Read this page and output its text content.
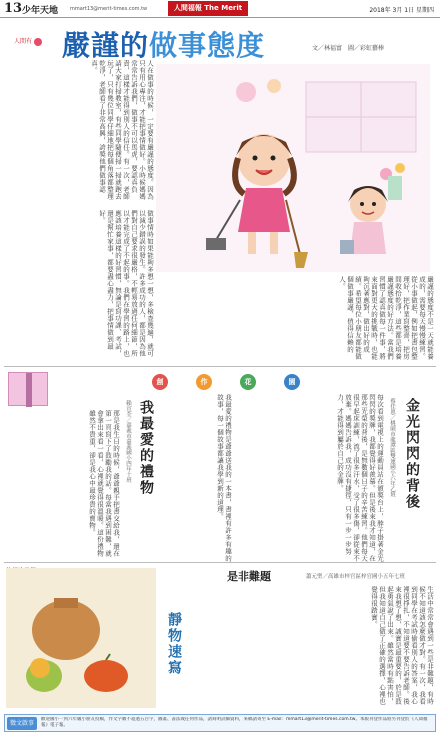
13 少年天地 mmart13@merit-times.com.tw	人間福報 The Merit Times
2018年 3月 1日 星期四
人間有	嚴謹的做事態度	文／林福富　圖／彩虹藝棒
人在做事的時候，一定要有嚴謹的態度。因為只有用心專注，才能把事情做好。小時候媽媽常常告訴我們，做事不可以馬虎，要認真負責，這樣才能得到別人的信任。有一次，老師請大家打掃教室，有些同學隨便掃一掃就跑去玩了，只有幾位同學仔細地把每個角落都整理乾淨，老師看了非常高興，誇獎他們做事認真。
做事情時如果能夠多想一想，多檢查幾遍，就可以減少錯誤的發生。許多成功的人，都是因為他們對自己要求很嚴格，不輕易放過任何細節，所以才能完成了不起的事。我們在學習的路上，也應該培養這樣的好習慣，無論是寫功課、考試，還是幫忙家事，都要盡心盡力，把事情做到最好。
嚴謹的態度不是一天就能養成的，需要每天慢慢練習。從小事做起，例如把書包整理好，把作業寫整齊，把房間收拾乾淨，這些都是培養嚴謹態度的好方法。當我們習慣了認真做每一件事，將來面對更大的挑戰時，也能夠沉著應對，做出好的成績。希望每位小朋友都能做個做事嚴謹、值得信賴的人。
創	作	花	園
金光閃閃的背後
蔡佳恩／桃園市龍潭區雙連國小六年乙班
每次看到電視上的運動員站在頒獎台上，脖子掛著金光閃閃的獎牌，我都覺得好羨慕。但是後來我才知道，在那些光榮的背後，是無數個日子的辛苦練習。他們每天很早起床訓練，流了很多汗水，受了很多傷，卻從來不放棄。媽媽告訴我，成功沒有捷徑，只有一步一步努力，才能得到屬於自己的金牌。
我最愛的禮物
賴宣荃／嘉義市嘉義國小四年十班	我最愛的禮物是爺爺送我的一本書，書裡有許多有趣的故事，每一個故事都讓我學到新的道理。
那是我生日的時候，爺爺親手把書交給我，還在第一頁寫下了鼓勵我的話。每當我遇到困難，就會拿出來看一看，心裡就覺得很溫暖。這份禮物雖然不貴重，卻是我心中最珍貴的寶物。
是非難題	蕭元聖／高雄市梓官區梓官國小五年七班
生活中常常會遇到一些是非難題，有時候不知道該怎麼做才對。有一次，我看到同學在考試時偷看別人的答案，我心裡很掙扎，不知道要不要告訴老師。後來我想了想，誠實是最重要的，於是鼓起勇氣說了出來。雖然當時有點害怕，但我知道自己做了正確的選擇，心裡也覺得很踏實。
靜物速寫
徵文啟事
歡迎國小一到六年級小朋友投稿，作文字數不超過五百字，圖畫、書法或任何作品，請寫明詳細資料，來稿請寄至 E-mail：mmart13@merit-times.com.tw。本版刊登作品將另刊登於《人間福報》電子報。
